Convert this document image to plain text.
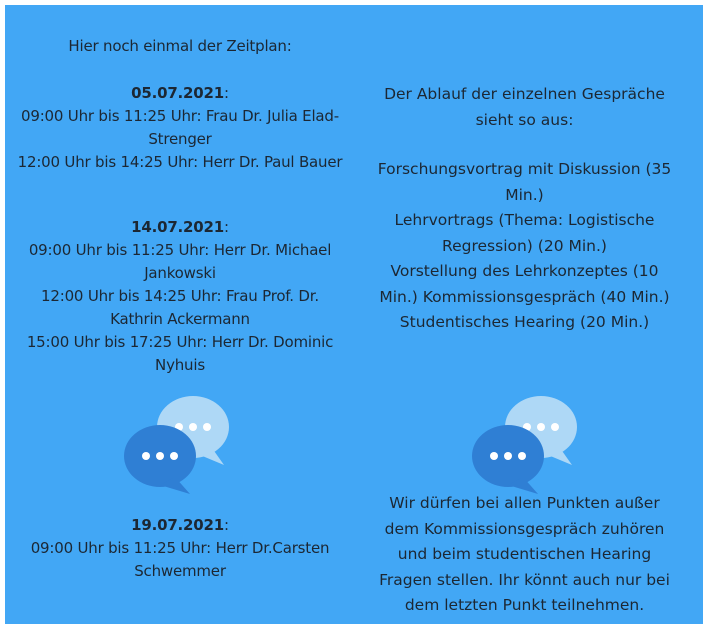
Hier noch einmal der Zeitplan:
05.07.2021:
09:00 Uhr bis 11:25 Uhr: Frau Dr. Julia Elad-
Strenger
12:00 Uhr bis 14:25 Uhr: Herr Dr. Paul Bauer
14.07.2021:
09:00 Uhr bis 11:25 Uhr: Herr Dr. Michael
Jankowski
12:00 Uhr bis 14:25 Uhr: Frau Prof. Dr.
Kathrin Ackermann
15:00 Uhr bis 17:25 Uhr: Herr Dr. Dominic
Nyhuis
19.07.2021:
09:00 Uhr bis 11:25 Uhr: Herr Dr.Carsten
Schwemmer
Der Ablauf der einzelnen Gespräche
sieht so aus:
Forschungsvortrag mit Diskussion (35
Min.)
Lehrvortrags (Thema: Logistische
Regression) (20 Min.)
Vorstellung des Lehrkonzeptes (10
Min.) Kommissionsgespräch (40 Min.)
Studentisches Hearing (20 Min.)
Wir dürfen bei allen Punkten außer
dem Kommissionsgespräch zuhören
und beim studentischen Hearing
Fragen stellen. Ihr könnt auch nur bei
dem letzten Punkt teilnehmen.
